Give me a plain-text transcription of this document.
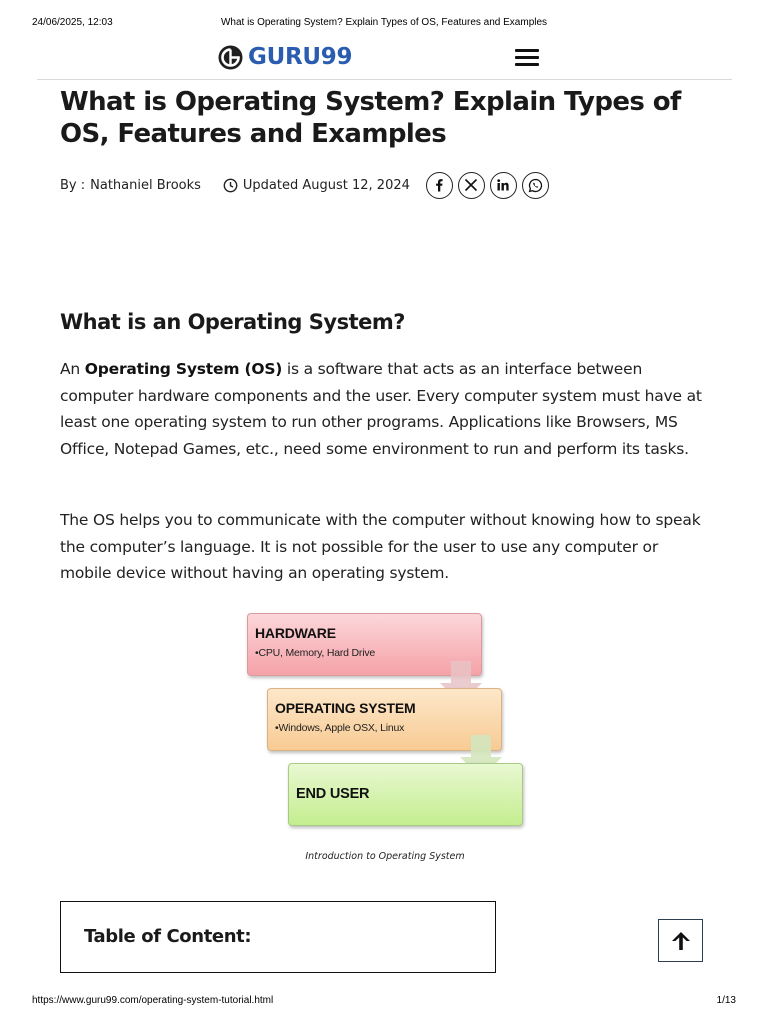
24/06/2025, 12:03	What is Operating System? Explain Types of OS, Features and Examples
GURU99
What is Operating System? Explain Types of OS, Features and Examples
By : Nathaniel Brooks	Updated August 12, 2024
What is an Operating System?

An Operating System (OS) is a software that acts as an interface between computer hardware components and the user. Every computer system must have at least one operating system to run other programs. Applications like Browsers, MS Office, Notepad Games, etc., need some environment to run and perform its tasks.

The OS helps you to communicate with the computer without knowing how to speak the computer’s language. It is not possible for the user to use any computer or mobile device without having an operating system.

HARDWARE
•CPU, Memory, Hard Drive
OPERATING SYSTEM
•Windows, Apple OSX, Linux
END USER
Introduction to Operating System
Table of Content:
https://www.guru99.com/operating-system-tutorial.html	1/13
